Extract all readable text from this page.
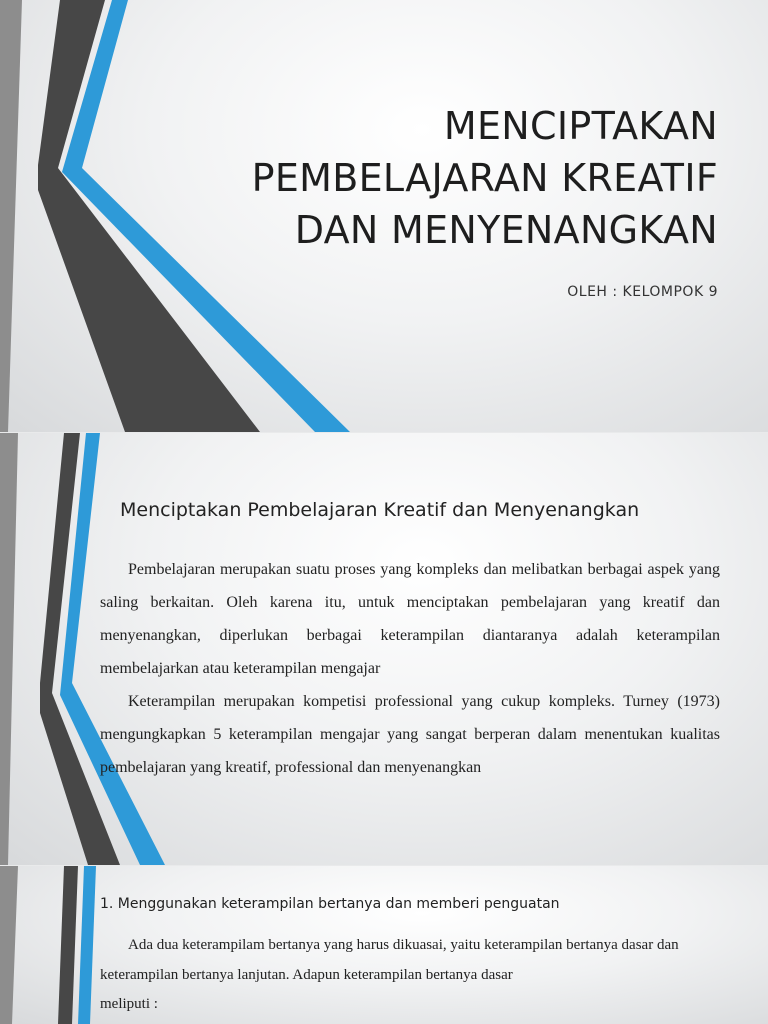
MENCIPTAKAN
PEMBELAJARAN KREATIF
DAN MENYENANGKAN

OLEH : KELOMPOK 9

Menciptakan Pembelajaran Kreatif dan Menyenangkan

Pembelajaran merupakan suatu proses yang kompleks dan melibatkan berbagai aspek yang saling berkaitan. Oleh karena itu, untuk menciptakan pembelajaran yang kreatif dan menyenangkan, diperlukan berbagai keterampilan diantaranya adalah keterampilan membelajarkan atau keterampilan mengajar

Keterampilan merupakan kompetisi professional yang cukup kompleks. Turney (1973) mengungkapkan 5 keterampilan mengajar yang sangat berperan dalam menentukan kualitas pembelajaran yang kreatif, professional dan menyenangkan

1. Menggunakan keterampilan bertanya dan memberi penguatan

Ada dua keterampilam bertanya yang harus dikuasai, yaitu keterampilan bertanya dasar dan keterampilan bertanya lanjutan. Adapun keterampilan bertanya dasar

meliputi :
